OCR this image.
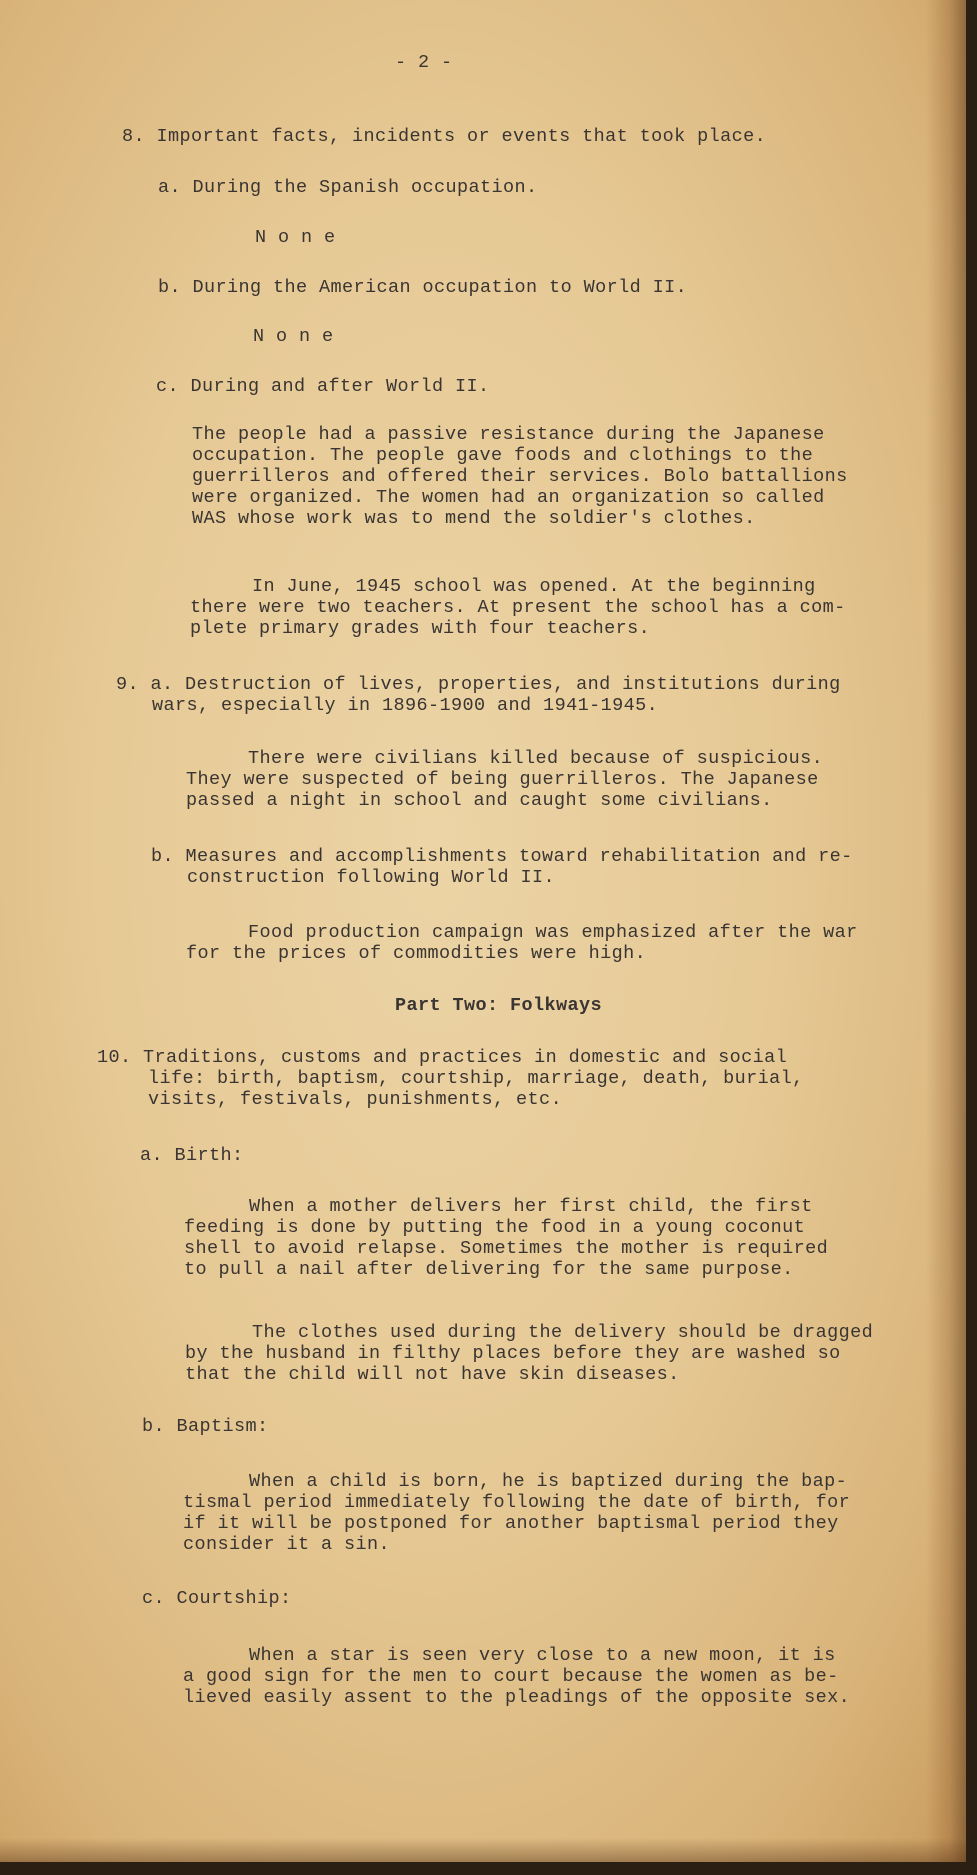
- 2 -

8. Important facts, incidents or events that took place.

a. During the Spanish occupation.

N o n e

b. During the American occupation to World II.

N o n e

c. During and after World II.

The people had a passive resistance during the Japanese

occupation. The people gave foods and clothings to the

guerrilleros and offered their services. Bolo battallions

were organized. The women had an organization so called

WAS whose work was to mend the soldier's clothes.

In June, 1945 school was opened. At the beginning

there were two teachers. At present the school has a com-

plete primary grades with four teachers.

9. a. Destruction of lives, properties, and institutions during

wars, especially in 1896-1900 and 1941-1945.

There were civilians killed because of suspicious.

They were suspected of being guerrilleros. The Japanese

passed a night in school and caught some civilians.

b. Measures and accomplishments toward rehabilitation and re-

construction following World II.

Food production campaign was emphasized after the war

for the prices of commodities were high.

Part Two: Folkways

10. Traditions, customs and practices in domestic and social

life: birth, baptism, courtship, marriage, death, burial,

visits, festivals, punishments, etc.

a. Birth:

When a mother delivers her first child, the first

feeding is done by putting the food in a young coconut

shell to avoid relapse. Sometimes the mother is required

to pull a nail after delivering for the same purpose.

The clothes used during the delivery should be dragged

by the husband in filthy places before they are washed so

that the child will not have skin diseases.

b. Baptism:

When a child is born, he is baptized during the bap-

tismal period immediately following the date of birth, for

if it will be postponed for another baptismal period they

consider it a sin.

c. Courtship:

When a star is seen very close to a new moon, it is

a good sign for the men to court because the women as be-

lieved easily assent to the pleadings of the opposite sex.
